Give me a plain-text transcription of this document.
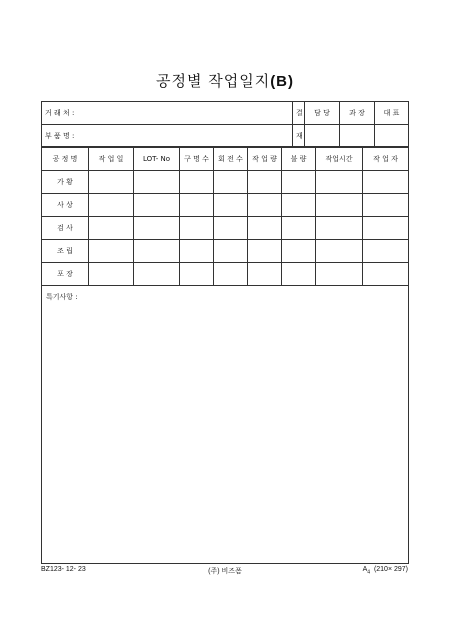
공정별 작업일지(B)
거 래 처 :	결	담 당	과 장	대 표
부 품 명 :	재			
공 정 명	작 업 일	LOT- No	구 명 수	회 전 수	작 업 량	불 량	작업시간	작 업 자
가 황								
사 상								
검 사								
조 립								
포 장								
특기사항 :								
BZ123- 12- 23	(주) 비즈폼	$A_4$ (210× 297)
